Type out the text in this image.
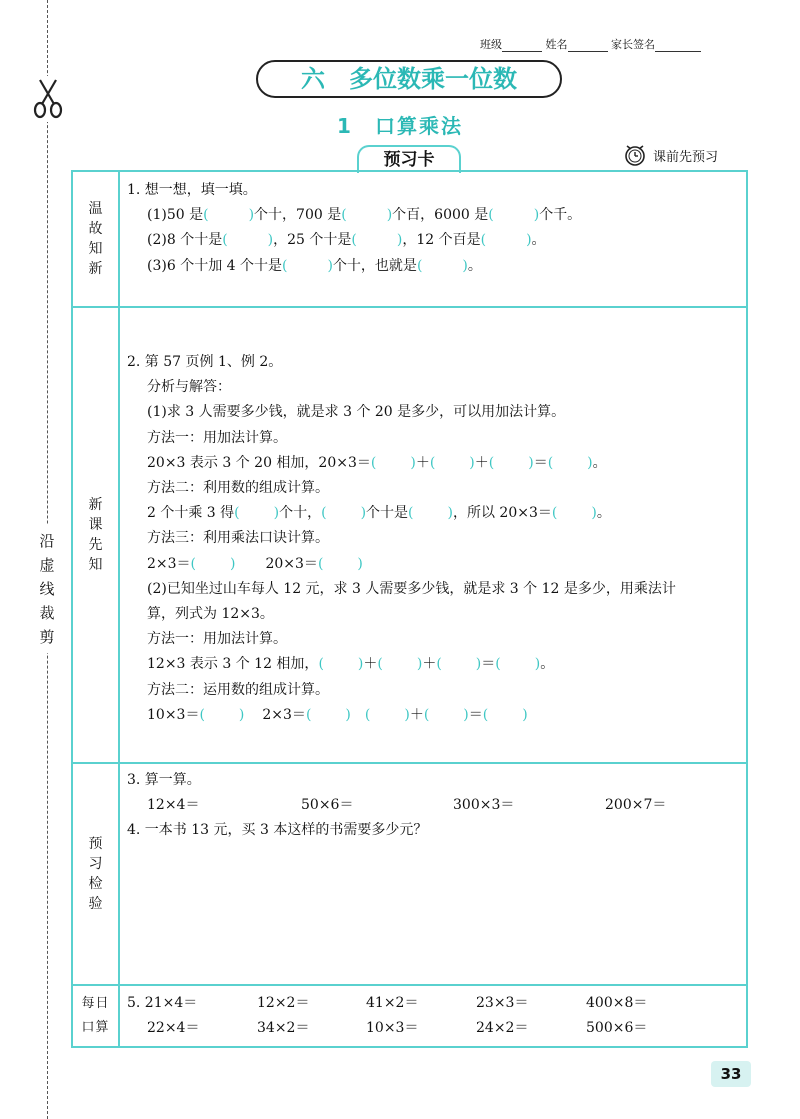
沿虚线裁剪
班级	姓名	家长签名
六　多位数乘一位数
1　口算乘法
预习卡	课前先预习
温故知新
1. 想一想，填一填。
(1)50 是(	)个十，700 是(	)个百，6000 是(	)个千。
(2)8 个十是(	)，25 个十是(	)，12 个百是(	)。
(3)6 个十加 4 个十是(	)个十，也就是(	)。
新课先知
2. 第 57 页例 1、例 2。
分析与解答：
(1)求 3 人需要多少钱，就是求 3 个 20 是多少，可以用加法计算。
方法一：用加法计算。
20×3 表示 3 个 20 相加，20×3＝( )＋( )＋( )＝( )。
方法二：利用数的组成计算。
2 个十乘 3 得( )个十，( )个十是( )，所以 20×3＝( )。
方法三：利用乘法口诀计算。
2×3＝( ) 20×3＝( )
(2)已知坐过山车每人 12 元，求 3 人需要多少钱，就是求 3 个 12 是多少，用乘法计
算，列式为 12×3。
方法一：用加法计算。
12×3 表示 3 个 12 相加，( )＋( )＋( )＝( )。
方法二：运用数的组成计算。
10×3＝( ) 2×3＝( ) ( )＋( )＝( )
预习检验
3. 算一算。
12×4＝	50×6＝	300×3＝	200×7＝
4. 一本书 13 元，买 3 本这样的书需要多少元？
每日
口算
5. 21×4＝	12×2＝	41×2＝	23×3＝	400×8＝
22×4＝	34×2＝	10×3＝	24×2＝	500×6＝
33
